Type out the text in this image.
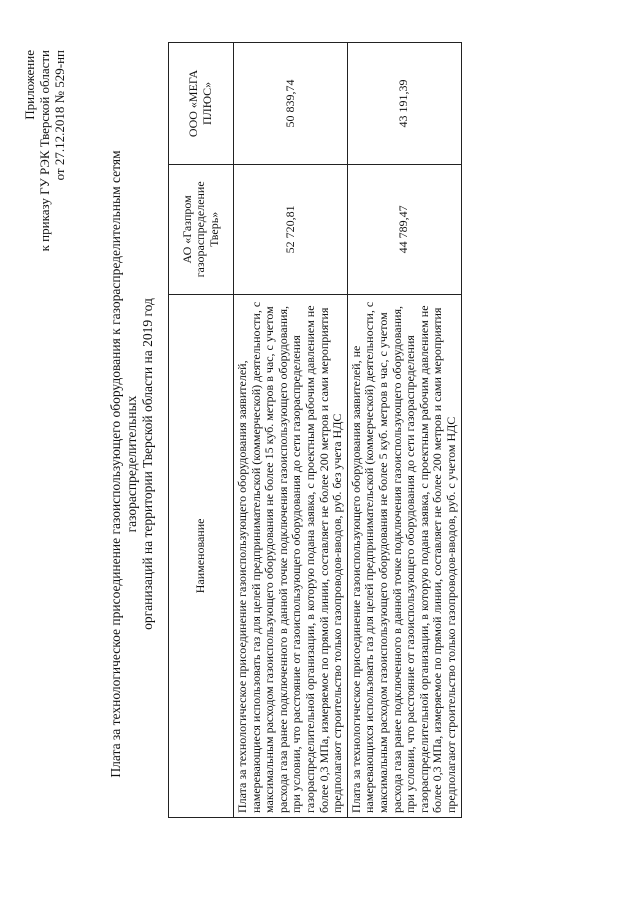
Приложение к приказу ГУ РЭК Тверской области от 27.12.2018 № 529-нп
Плата за технологическое присоединение газоиспользующего оборудования к газораспределительным сетям газораспределительных организаций на территории Тверской области на 2019 год	Наименование	АО «Газпром газораспределение Тверь»	ООО «МЕГА ПЛЮС»
Плата за технологическое присоединение газоиспользующего оборудования заявителей, намеревающиеся использовать газ для целей предпринимательской (коммерческой) деятельности, с максимальным расходом газоиспользующего оборудования не более 15 куб. метров в час, с учетом расхода газа ранее подключенного в данной точке подключения газоиспользующего оборудования, при условии, что расстояние от газоиспользующего оборудования до сети газораспределения газораспределительной организации, в которую подана заявка, с проектным рабочим давлением не более 0,3 МПа, измеряемое по прямой линии, составляет не более 200 метров и сами мероприятия предполагают строительство только газопроводов-вводов, руб. без учета НДС	52 720,81	50 839,74
Плата за технологическое присоединение газоиспользующего оборудования заявителей, не намеревающихся использовать газ для целей предпринимательской (коммерческой) деятельности, с максимальным расходом газоиспользующего оборудования не более 5 куб. метров в час, с учетом расхода газа ранее подключенного в данной точке подключения газоиспользующего оборудования, при условии, что расстояние от газоиспользующего оборудования до сети газораспределения газораспределительной организации, в которую подана заявка, с проектным рабочим давлением не более 0,3 МПа, измеряемое по прямой линии, составляет не более 200 метров и сами мероприятия предполагают строительство только газопроводов-вводов, руб. с учетом НДС	44 789,47	43 191,39
